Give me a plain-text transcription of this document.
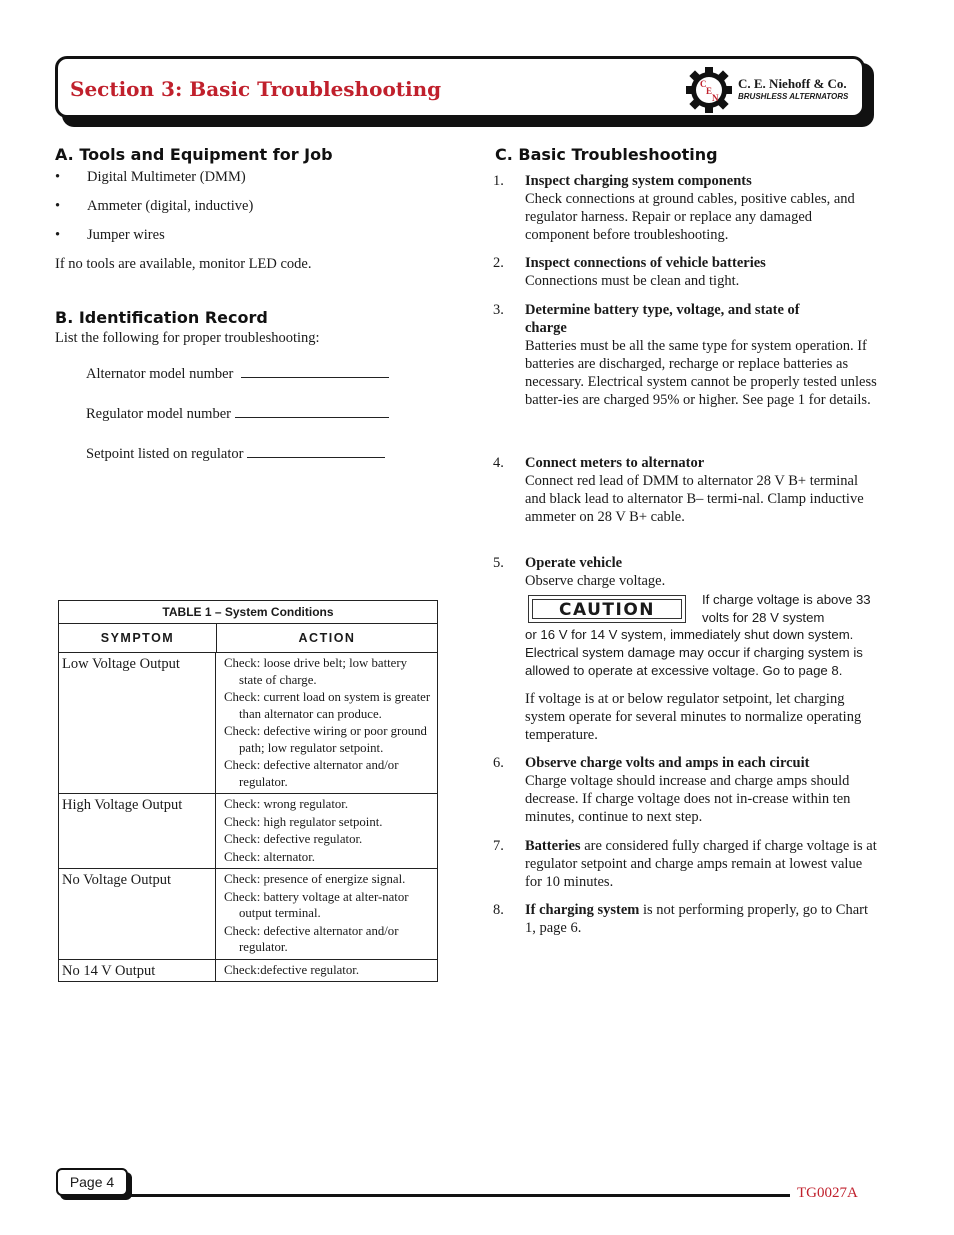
Section 3: Basic Troubleshooting	C
E
N
C. E. Niehoff & Co.
BRUSHLESS ALTERNATORS
A. Tools and Equipment for Job
• Digital Multimeter (DMM)
• Ammeter (digital, inductive)
• Jumper wires
If no tools are available, monitor LED code.
B. Identification Record
List the following for proper troubleshooting:
Alternator model number
Regulator model number
Setpoint listed on regulator
TABLE 1 – System Conditions
SYMPTOM	ACTION
Low Voltage Output	Check: loose drive belt; low battery state of charge.

Check: current load on system is greater than alternator can produce.

Check: defective wiring or poor ground path; low regulator setpoint.

Check: defective alternator and/or regulator.

High Voltage Output	Check: wrong regulator.

Check: high regulator setpoint.

Check: defective regulator.

Check: alternator.

No Voltage Output	Check: presence of energize signal.

Check: battery voltage at alter-nator output terminal.

Check: defective alternator and/or regulator.

No 14 V Output	Check:defective regulator.

C. Basic Troubleshooting
1. Inspect charging system components
Check connections at ground cables, positive cables, and regulator harness. Repair or replace any damaged component before troubleshooting.
2. Inspect connections of vehicle batteries
Connections must be clean and tight.
3. Determine battery type, voltage, and state of charge
Batteries must be all the same type for system operation. If batteries are discharged, recharge or replace batteries as necessary. Electrical system cannot be properly tested unless batter-ies are charged 95% or higher. See page 1 for details.
4. Connect meters to alternator
Connect red lead of DMM to alternator 28 V B+ terminal and black lead to alternator B– termi-nal. Clamp inductive ammeter on 28 V B+ cable.
5. Operate vehicle
Observe charge voltage.
CAUTION
If charge voltage is above 33 volts for 28 V system
or 16 V for 14 V system, immediately shut down system. Electrical system damage may occur if charging system is allowed to operate at excessive voltage. Go to page 8.
If voltage is at or below regulator setpoint, let charging system operate for several minutes to normalize operating temperature.
6. Observe charge volts and amps in each circuit
Charge voltage should increase and charge amps should decrease. If charge voltage does not in-crease within ten minutes, continue to next step.
7. Batteries are considered fully charged if charge voltage is at regulator setpoint and charge amps remain at lowest value for 10 minutes.
8. If charging system is not performing properly, go to Chart 1, page 6.
Page 4
TG0027A
